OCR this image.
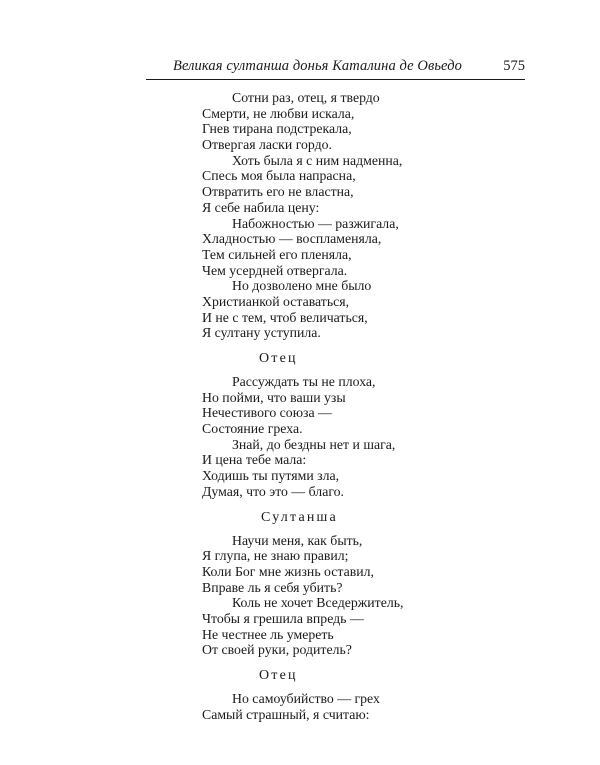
Великая султанша донья Каталина де Овьедо	575
Сотни раз, отец, я твердо
Смерти, не любви искала,
Гнев тирана подстрекала,
Отвергая ласки гордо.
Хоть была я с ним надменна,
Спесь моя была напрасна,
Отвратить его не властна,
Я себе набила цену:
Набожностью — разжигала,
Хладностью — воспламеняла,
Тем сильней его пленяла,
Чем усердней отвергала.
Но дозволено мне было
Христианкой оставаться,
И не с тем, чтоб величаться,
Я султану уступила.
Отец
Рассуждать ты не плоха,
Но пойми, что ваши узы
Нечестивого союза —
Состояние греха.
Знай, до бездны нет и шага,
И цена тебе мала:
Ходишь ты путями зла,
Думая, что это — благо.
Султанша
Научи меня, как быть,
Я глупа, не знаю правил;
Коли Бог мне жизнь оставил,
Вправе ль я себя убить?
Коль не хочет Вседержитель,
Чтобы я грешила впредь —
Не честнее ль умереть
От своей руки, родитель?
Отец
Но самоубийство — грех
Самый страшный, я считаю:
